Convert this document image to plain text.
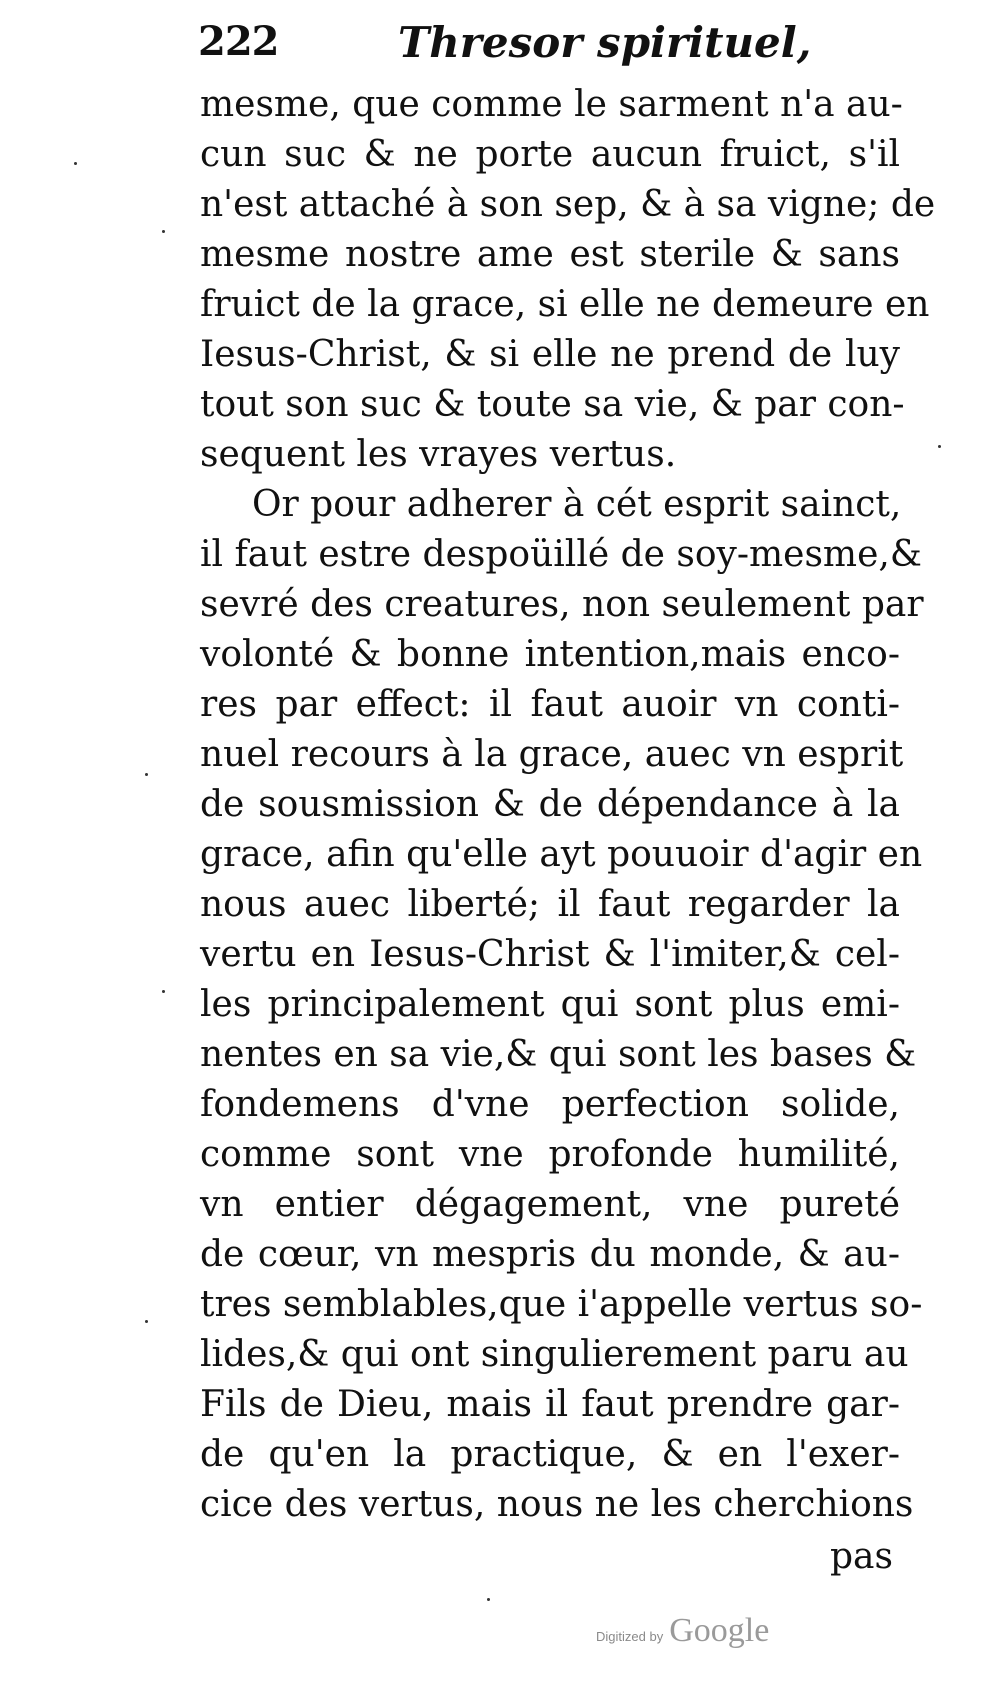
222	Thresor spirituel,
mesme, que comme le sarment n'a au-
cun suc & ne porte aucun fruict, s'il
n'est attaché à son sep, & à sa vigne; de
mesme nostre ame est sterile & sans
fruict de la grace, si elle ne demeure en
Iesus-Christ, & si elle ne prend de luy
tout son suc & toute sa vie, & par con-
sequent les vrayes vertus.
Or pour adherer à cét esprit sainct,
il faut estre despoüillé de soy-mesme,&
sevré des creatures, non seulement par
volonté & bonne intention,mais enco-
res par effect: il faut auoir vn conti-
nuel recours à la grace, auec vn esprit
de sousmission & de dépendance à la
grace, afin qu'elle ayt pouuoir d'agir en
nous auec liberté; il faut regarder la
vertu en Iesus-Christ & l'imiter,& cel-
les principalement qui sont plus emi-
nentes en sa vie,& qui sont les bases &
fondemens d'vne perfection solide,
comme sont vne profonde humilité,
vn entier dégagement, vne pureté
de cœur, vn mespris du monde, & au-
tres semblables,que i'appelle vertus so-
lides,& qui ont singulierement paru au
Fils de Dieu, mais il faut prendre gar-
de qu'en la practique, & en l'exer-
cice des vertus, nous ne les cherchions
pas
Digitized by Google
